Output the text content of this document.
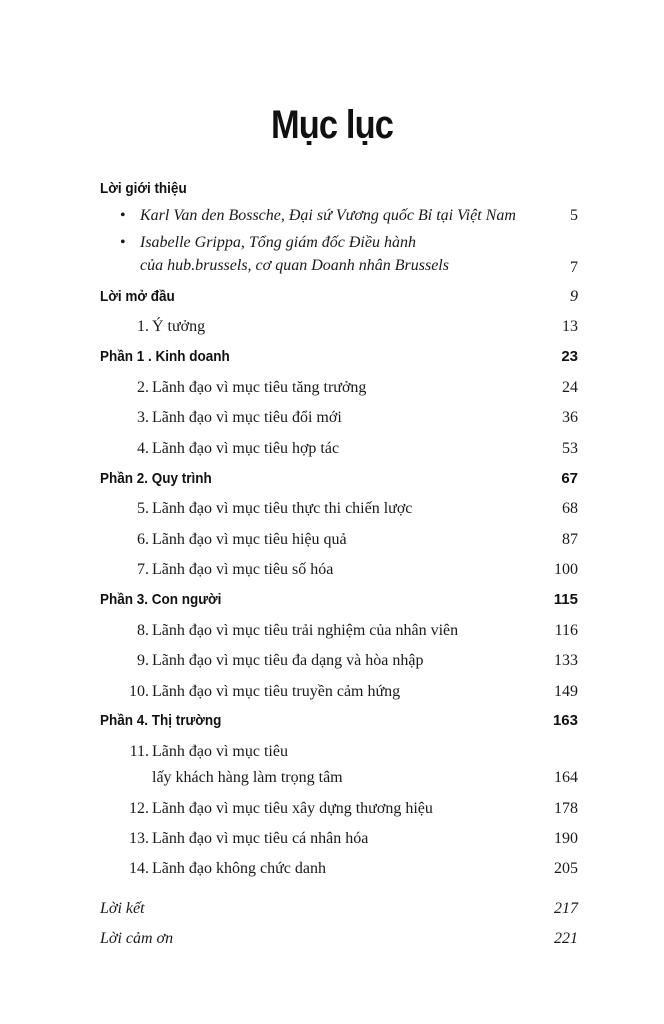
Mục lục
Lời giới thiệu
• Karl Van den Bossche, Đại sứ Vương quốc Bỉ tại Việt Nam	5
• Isabelle Grippa, Tổng giám đốc Điều hành
của hub.brussels, cơ quan Doanh nhân Brussels	7
Lời mở đầu	9
1. Ý tưởng	13
Phần 1 . Kinh doanh	23
2. Lãnh đạo vì mục tiêu tăng trưởng	24
3. Lãnh đạo vì mục tiêu đổi mới	36
4. Lãnh đạo vì mục tiêu hợp tác	53
Phần 2. Quy trình	67
5. Lãnh đạo vì mục tiêu thực thi chiến lược	68
6. Lãnh đạo vì mục tiêu hiệu quả	87
7. Lãnh đạo vì mục tiêu số hóa	100
Phần 3. Con người	115
8. Lãnh đạo vì mục tiêu trải nghiệm của nhân viên	116
9. Lãnh đạo vì mục tiêu đa dạng và hòa nhập	133
10. Lãnh đạo vì mục tiêu truyền cảm hứng	149
Phần 4. Thị trường	163
11. Lãnh đạo vì mục tiêu
lấy khách hàng làm trọng tâm	164
12. Lãnh đạo vì mục tiêu xây dựng thương hiệu	178
13. Lãnh đạo vì mục tiêu cá nhân hóa	190
14. Lãnh đạo không chức danh	205
Lời kết	217
Lời cảm ơn	221
